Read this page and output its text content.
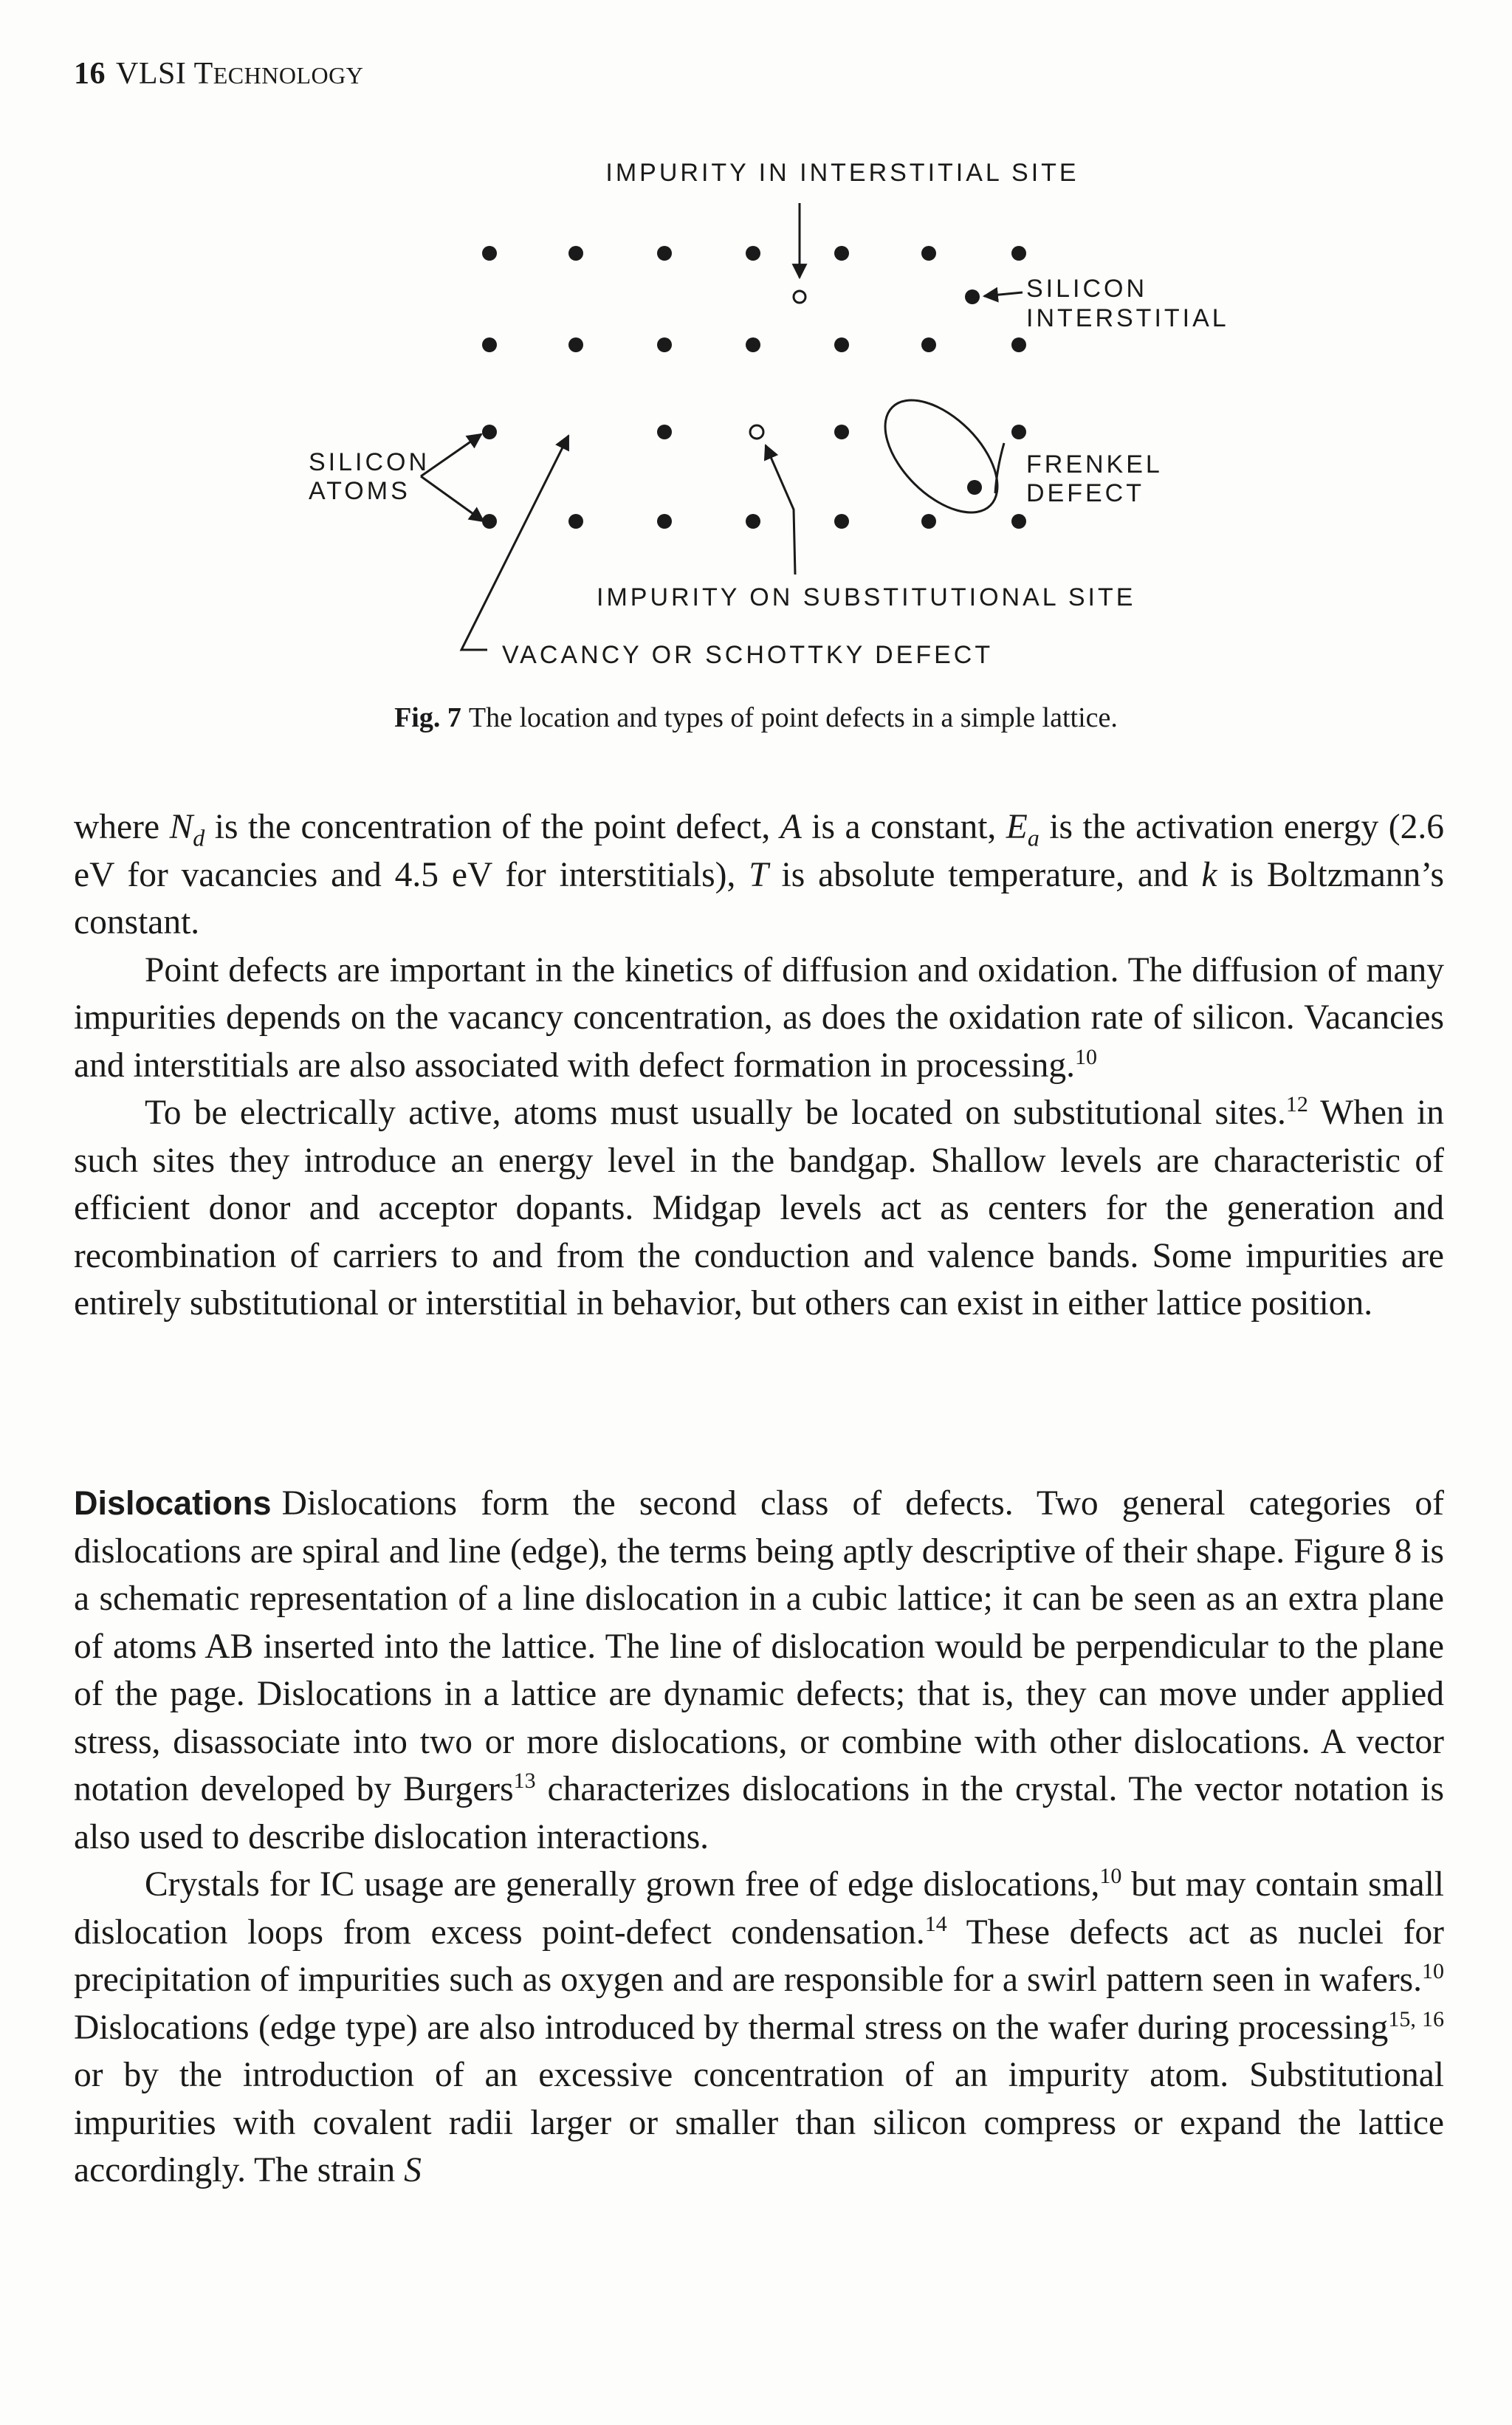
16 VLSI TECHNOLOGY
IMPURITY IN INTERSTITIAL SITE
SILICON
INTERSTITIAL
SILICON
ATOMS
FRENKEL
DEFECT
IMPURITY ON SUBSTITUTIONAL SITE
VACANCY OR SCHOTTKY DEFECT
Fig. 7 The location and types of point defects in a simple lattice.

where $N_d$ is the concentration of the point defect, A is a constant, $E_a$ is the activation energy (2.6 eV for vacancies and 4.5 eV for interstitials), T is absolute temperature, and k is Boltzmann’s constant.

Point defects are important in the kinetics of diffusion and oxidation. The diffusion of many impurities depends on the vacancy concentration, as does the oxidation rate of silicon. Vacancies and interstitials are also associated with defect formation in processing.$^{10}$

To be electrically active, atoms must usually be located on substitutional sites.$^{12}$ When in such sites they introduce an energy level in the bandgap. Shallow levels are characteristic of efficient donor and acceptor dopants. Midgap levels act as centers for the generation and recombination of carriers to and from the conduction and valence bands. Some impurities are entirely substitutional or interstitial in behavior, but others can exist in either lattice position.

Dislocations Dislocations form the second class of defects. Two general categories of dislocations are spiral and line (edge), the terms being aptly descriptive of their shape. Figure 8 is a schematic representation of a line dislocation in a cubic lattice; it can be seen as an extra plane of atoms AB inserted into the lattice. The line of dislocation would be perpendicular to the plane of the page. Dislocations in a lattice are dynamic defects; that is, they can move under applied stress, disassociate into two or more dislocations, or combine with other dislocations. A vector notation developed by Burgers$^{13}$ characterizes dislocations in the crystal. The vector notation is also used to describe dislocation interactions.

Crystals for IC usage are generally grown free of edge dislocations,$^{10}$ but may contain small dislocation loops from excess point-defect condensation.$^{14}$ These defects act as nuclei for precipitation of impurities such as oxygen and are responsible for a swirl pattern seen in wafers.$^{10}$ Dislocations (edge type) are also introduced by thermal stress on the wafer during processing$^{15, 16}$ or by the introduction of an excessive concentration of an impurity atom. Substitutional impurities with covalent radii larger or smaller than silicon compress or expand the lattice accordingly. The strain S
